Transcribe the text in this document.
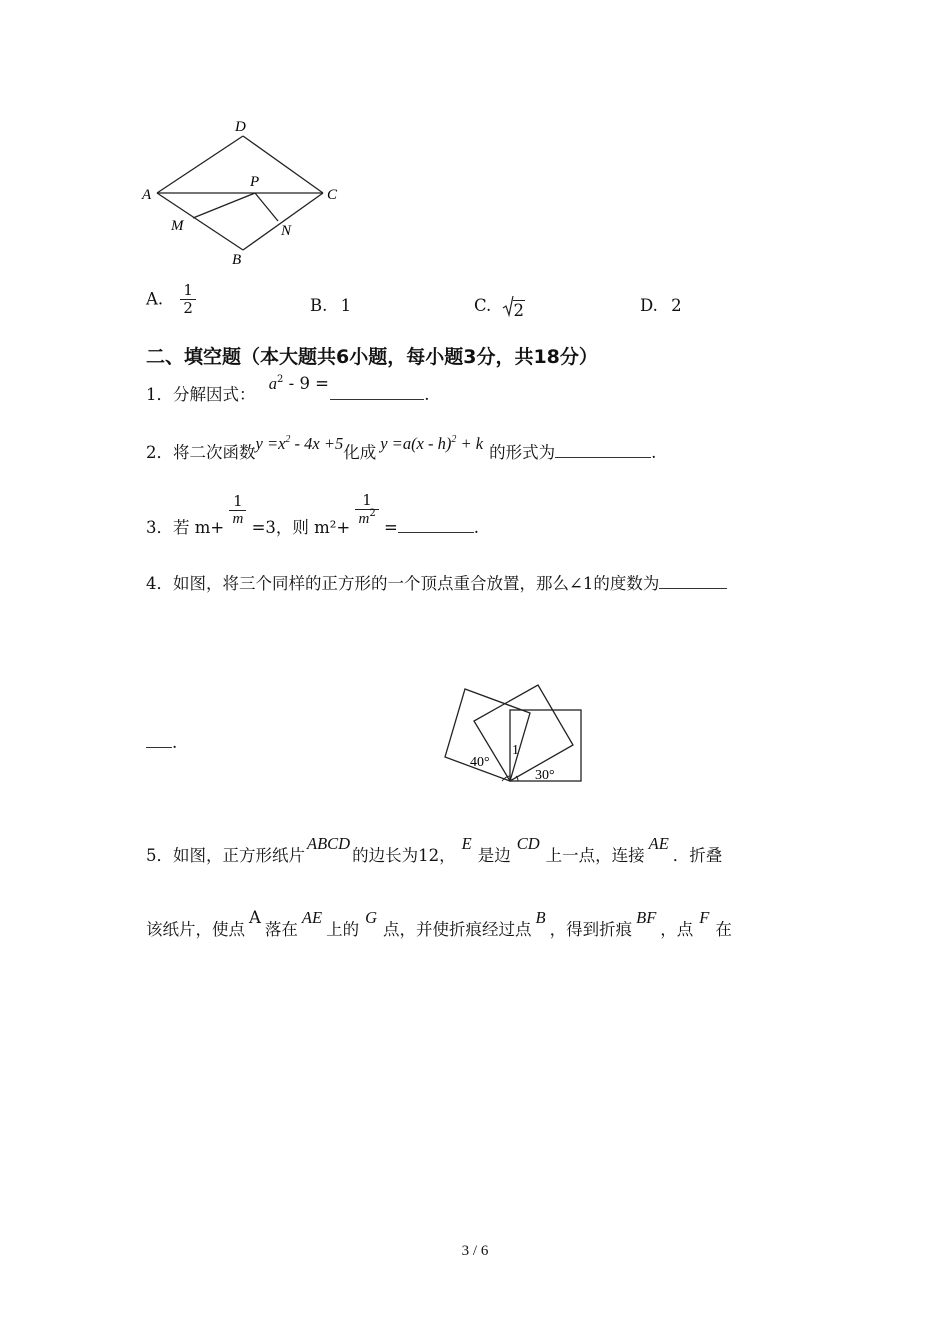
D
A
P
C
M	N
B
A. $\frac{1}{2}$	B. 1	C. 2	D. 2
二、填空题（本大题共6小题，每小题3分，共18分）
1．分解因式： $a^2 - 9$ = .
2．将二次函数$y =x^2 - 4x +5$化成 y =a(x - h)$^2$ + k 的形式为	.
3．若 $m+ \frac{1}{m} =3$，则 $m^2+ \frac{1}{m^2}$ =	.
4．如图，将三个同样的正方形的一个顶点重合放置，那么∠1的度数为
.	1
40°
30°
5．如图，正方形纸片ABCD的边长为12，E是边CD上一点，连接AE．折叠
该纸片，使点A落在AE上的G点，并使折痕经过点B，得到折痕BF，点F在
3 / 6
